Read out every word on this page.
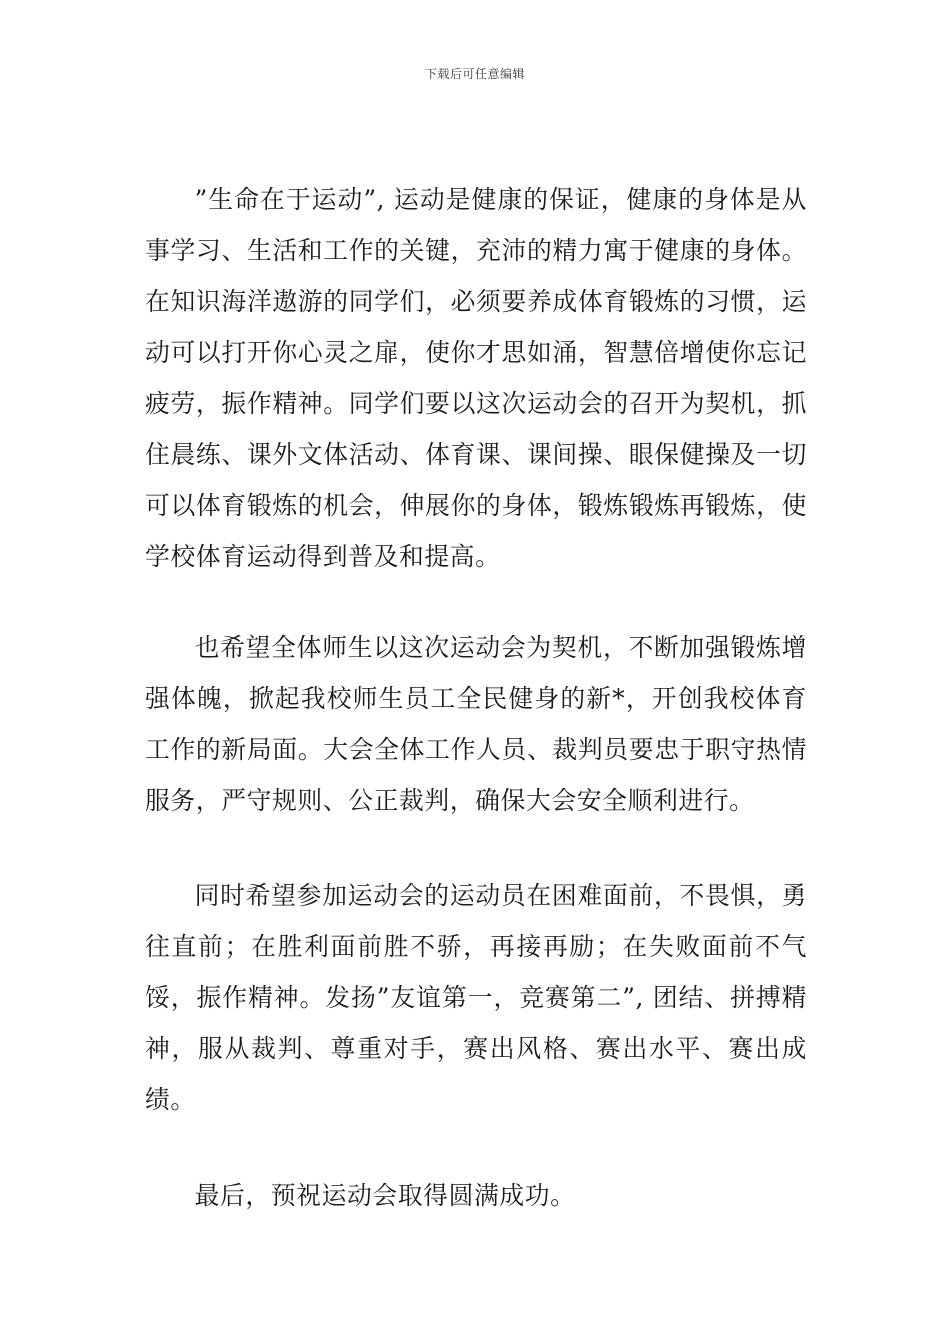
下载后可任意编辑

”生命在于运动”, 运动是健康的保证，健康的身体是从事学习、生活和工作的关键，充沛的精力寓于健康的身体。在知识海洋遨游的同学们，必须要养成体育锻炼的习惯，运动可以打开你心灵之扉，使你才思如涌，智慧倍增使你忘记疲劳，振作精神。同学们要以这次运动会的召开为契机，抓住晨练、课外文体活动、体育课、课间操、眼保健操及一切可以体育锻炼的机会，伸展你的身体，锻炼锻炼再锻炼，使学校体育运动得到普及和提高。

也希望全体师生以这次运动会为契机，不断加强锻炼增强体魄，掀起我校师生员工全民健身的新*，开创我校体育工作的新局面。大会全体工作人员、裁判员要忠于职守热情服务，严守规则、公正裁判，确保大会安全顺利进行。

同时希望参加运动会的运动员在困难面前，不畏惧，勇往直前；在胜利面前胜不骄，再接再励；在失败面前不气馁，振作精神。发扬”友谊第一，竞赛第二”, 团结、拼搏精神，服从裁判、尊重对手，赛出风格、赛出水平、赛出成绩。

最后，预祝运动会取得圆满成功。
